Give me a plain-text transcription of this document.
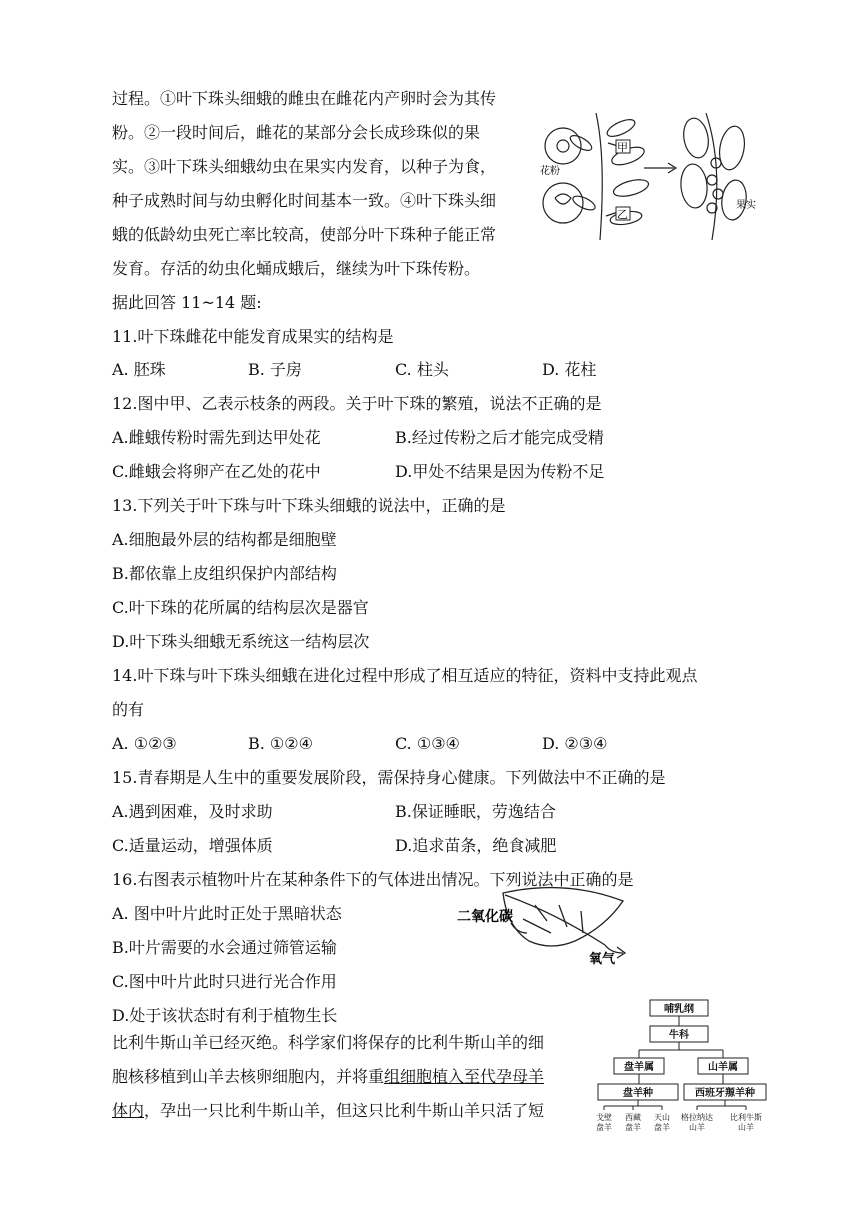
过程。①叶下珠头细蛾的雌虫在雌花内产卵时会为其传
粉。②一段时间后，雌花的某部分会长成珍珠似的果
实。③叶下珠头细蛾幼虫在果实内发育，以种子为食，
种子成熟时间与幼虫孵化时间基本一致。④叶下珠头细
蛾的低龄幼虫死亡率比较高，使部分叶下珠种子能正常
发育。存活的幼虫化蛹成蛾后，继续为叶下珠传粉。
据此回答 11~14 题:
花粉
甲
乙
果实
11.叶下珠雌花中能发育成果实的结构是
A. 胚珠	B. 子房	C. 柱头	D. 花柱
12.图中甲、乙表示枝条的两段。关于叶下珠的繁殖，说法不正确的是
A.雌蛾传粉时需先到达甲处花	B.经过传粉之后才能完成受精
C.雌蛾会将卵产在乙处的花中	D.甲处不结果是因为传粉不足
13.下列关于叶下珠与叶下珠头细蛾的说法中，正确的是
A.细胞最外层的结构都是细胞壁
B.都依靠上皮组织保护内部结构
C.叶下珠的花所属的结构层次是器官
D.叶下珠头细蛾无系统这一结构层次
14.叶下珠与叶下珠头细蛾在进化过程中形成了相互适应的特征，资料中支持此观点
的有
A. ①②③	B. ①②④	C. ①③④	D. ②③④
15.青春期是人生中的重要发展阶段，需保持身心健康。下列做法中不正确的是
A.遇到困难，及时求助	B.保证睡眠，劳逸结合
C.适量运动，增强体质	D.追求苗条，绝食减肥
16.右图表示植物叶片在某种条件下的气体进出情况。下列说法中正确的是
A. 图中叶片此时正处于黑暗状态
B.叶片需要的水会通过筛管运输
C.图中叶片此时只进行光合作用
D.处于该状态时有利于植物生长
二氧化碳
氧气
比利牛斯山羊已经灭绝。科学家们将保存的比利牛斯山羊的细
胞核移植到山羊去核卵细胞内，并将重组细胞植入至代孕母羊
体内，孕出一只比利牛斯山羊，但这只比利牛斯山羊只活了短
哺乳纲
牛科
盘羊属	山羊属
盘羊种	西班牙羱羊种
戈壁盘羊
西藏盘羊
天山盘羊
格拉纳达山羊
比利牛斯山羊
